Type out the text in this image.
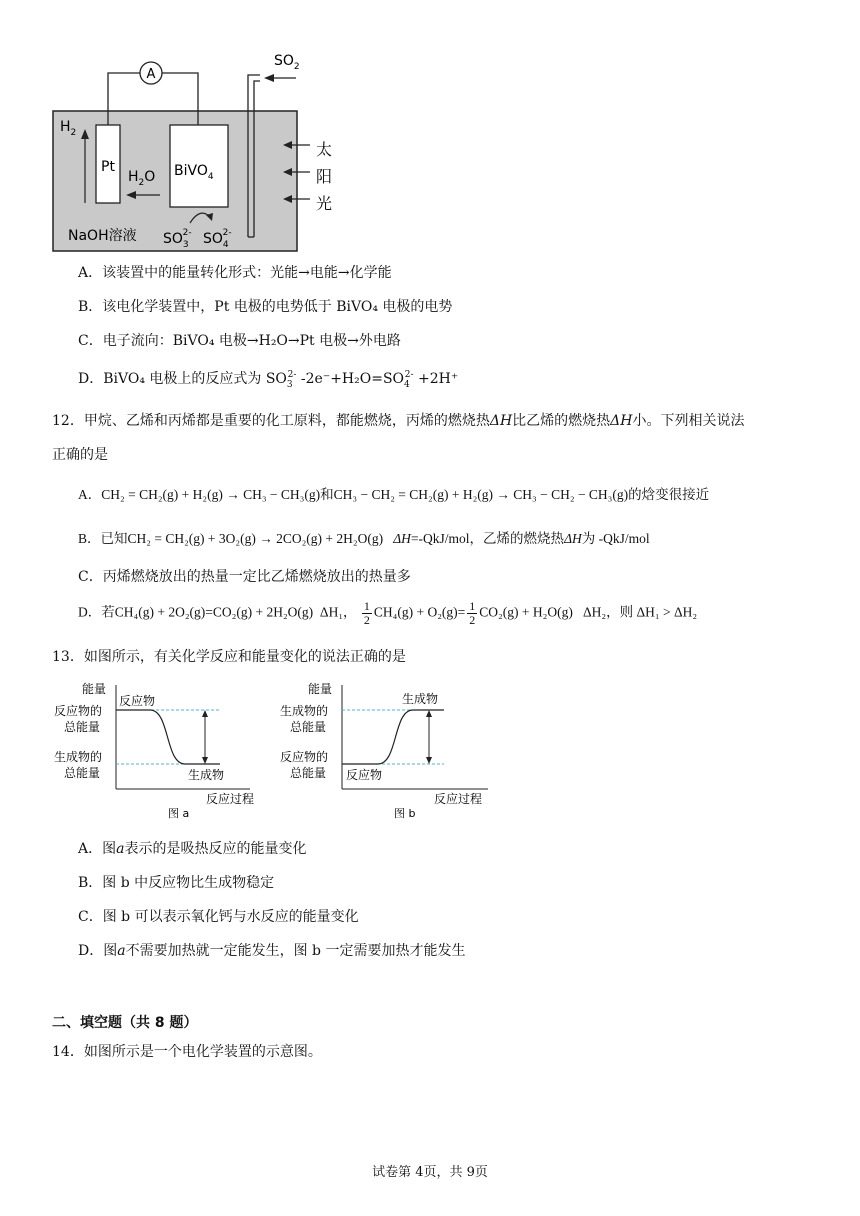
A
Pt	BiVO$_4$
$H_2$
$H_2O$
NaOH溶液 $SO_32-$ $SO_42-$
$SO_2$
太
阳
光
A．该装置中的能量转化形式：光能→电能→化学能
B．该电化学装置中，Pt 电极的电势低于 BiVO₄ 电极的电势
C．电子流向：BiVO₄ 电极→H₂O→Pt 电极→外电路
D．BiVO₄ 电极上的反应式为 $SO_3^{2-}$ $-2e^-+H_2O=SO_4^{2-} +2H^+$
12．甲烷、乙烯和丙烯都是重要的化工原料，都能燃烧，丙烯的燃烧热ΔH比乙烯的燃烧热ΔH小。下列相关说法
正确的是
A．CH₂ = CH₂(g) + H₂(g) → CH₃ − CH₃(g)和CH₃ − CH₂ = CH₂(g) + H₂(g) → CH₃ − CH₂ − CH₃(g)的焓变很接近
B．已知CH₂ = CH₂(g) + 3O₂(g) → 2CO₂(g) + 2H₂O(g) ΔH=-QkJ/mol，乙烯的燃烧热ΔH为 -QkJ/mol
C．丙烯燃烧放出的热量一定比乙烯燃烧放出的热量多
D．若CH₄(g) + 2O₂(g)=CO₂(g) + 2H₂O(g) ΔH₁， $\frac{1}{2} CH_4(g) + O_2(g)= \frac{1}{2} CO_2(g) + H_2O(g)$ ΔH₂，则 ΔH₁ > ΔH₂
13．如图所示，有关化学反应和能量变化的说法正确的是
能量
反应物
反应物的
总能量
生成物的
总能量	生成物
反应过程
图 a
能量
生成物
生成物的
总能量
反应物的
总能量 反应物
反应过程
图 b
A．图a表示的是吸热反应的能量变化
B．图 b 中反应物比生成物稳定
C．图 b 可以表示氧化钙与水反应的能量变化
D．图a不需要加热就一定能发生，图 b 一定需要加热才能发生
二、填空题（共 8 题）
14．如图所示是一个电化学装置的示意图。
试卷第 4页，共 9页
